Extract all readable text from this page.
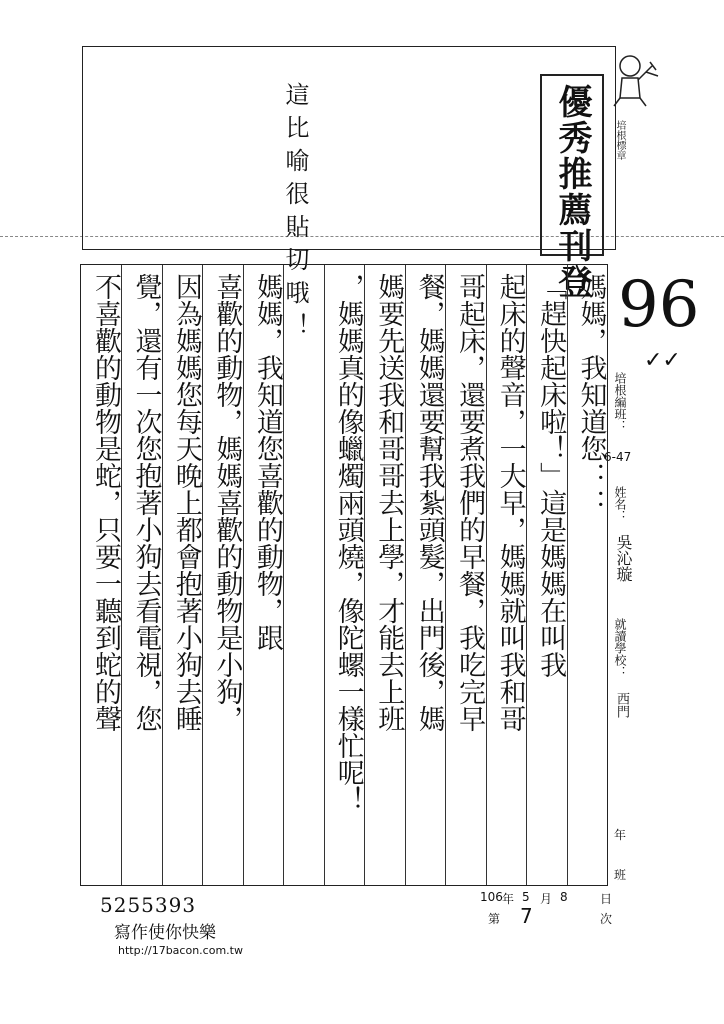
這比喻很貼切哦！	優秀推薦刊登	培根標章
96
✓✓
培根編班：
6-47
姓名：
吳沁璇
就讀學校：
西門
年
班
媽媽，我知道您：：
「趕快起床啦！」這是媽媽在叫我
起床的聲音，一大早，媽媽就叫我和哥
哥起床，還要煮我們的早餐，我吃完早
餐，媽媽還要幫我紮頭髮，出門後，媽
媽要先送我和哥哥去上學，才能去上班
，媽媽真的像蠟燭兩頭燒，像陀螺一樣忙呢！
媽媽，我知道您喜歡的動物，跟
喜歡的動物，媽媽喜歡的動物是小狗，
因為媽媽您每天晚上都會抱著小狗去睡
覺，還有一次您抱著小狗去看電視，您
不喜歡的動物是蛇，只要一聽到蛇的聲
106 年 5 月 8	日
第 7	次
5255393
寫作使你快樂
http://17bacon.com.tw
